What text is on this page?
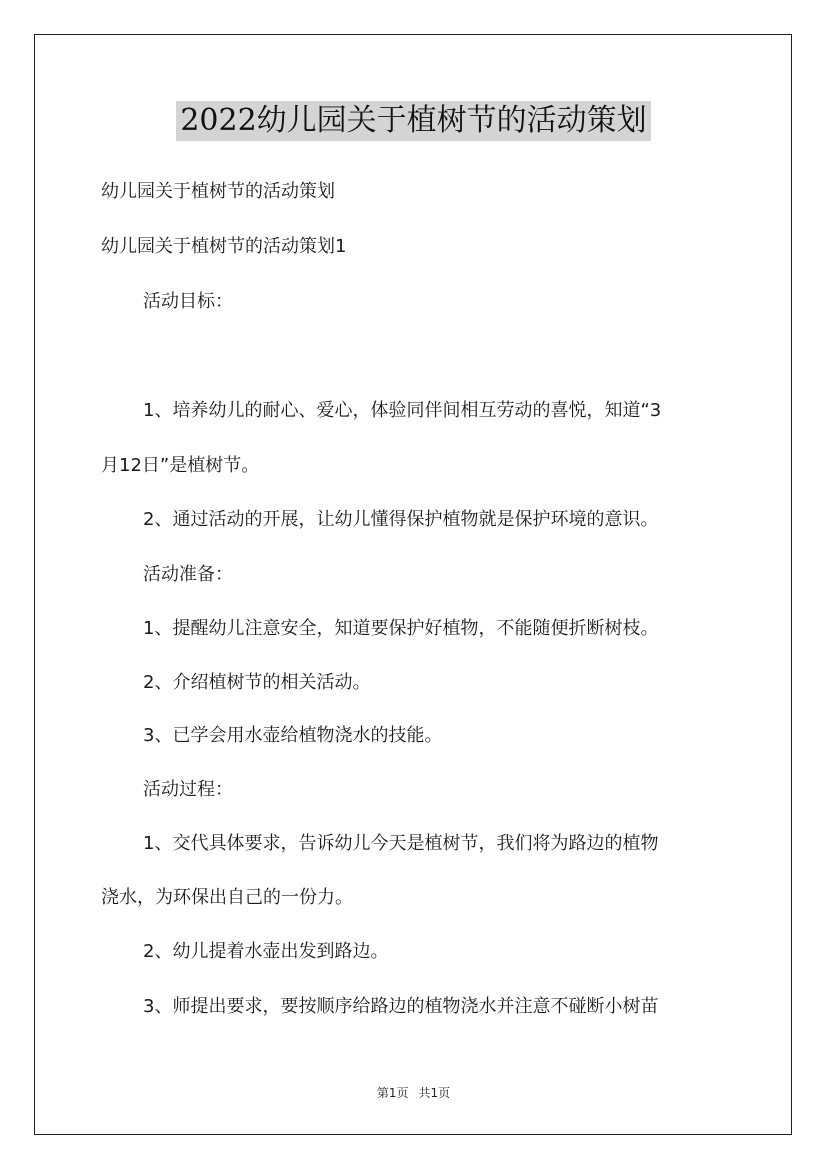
2022幼儿园关于植树节的活动策划
幼儿园关于植树节的活动策划
幼儿园关于植树节的活动策划1
活动目标：
1、培养幼儿的耐心、爱心，体验同伴间相互劳动的喜悦，知道“3
月12日”是植树节。
2、通过活动的开展，让幼儿懂得保护植物就是保护环境的意识。
活动准备：
1、提醒幼儿注意安全，知道要保护好植物，不能随便折断树枝。
2、介绍植树节的相关活动。
3、已学会用水壶给植物浇水的技能。
活动过程：
1、交代具体要求，告诉幼儿今天是植树节，我们将为路边的植物
浇水，为环保出自己的一份力。
2、幼儿提着水壶出发到路边。
3、师提出要求，要按顺序给路边的植物浇水并注意不碰断小树苗
第1页 共1页
